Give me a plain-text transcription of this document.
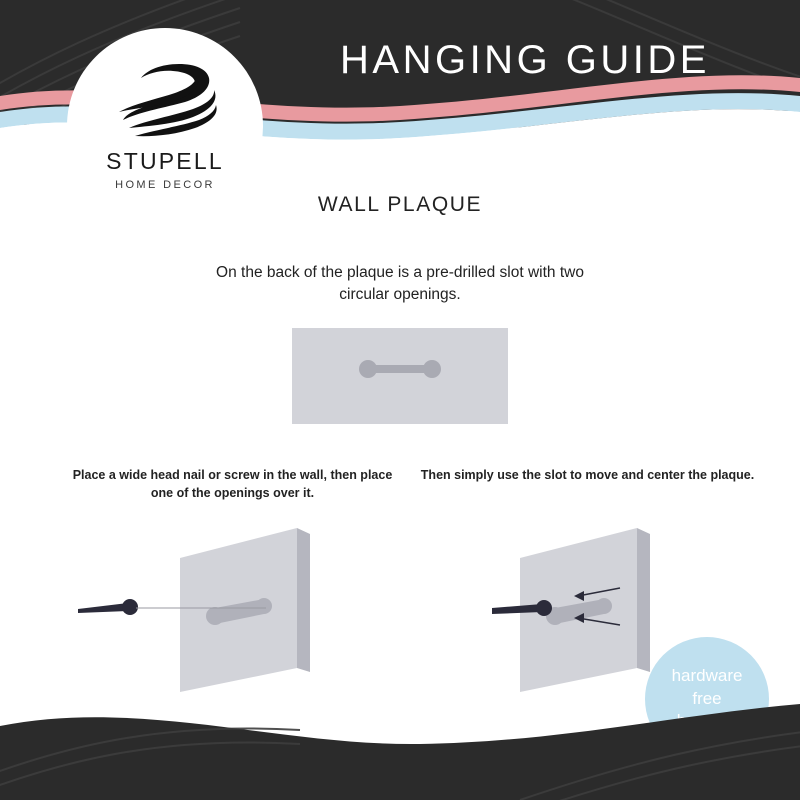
STUPELL
HOME DECOR
HANGING GUIDE
WALL PLAQUE
On the back of the plaque is a pre-drilled slot with two circular openings.
Place a wide head nail or screw in the wall, then place one of the openings over it.
Then simply use the slot to move and center the plaque.
hardware
free
